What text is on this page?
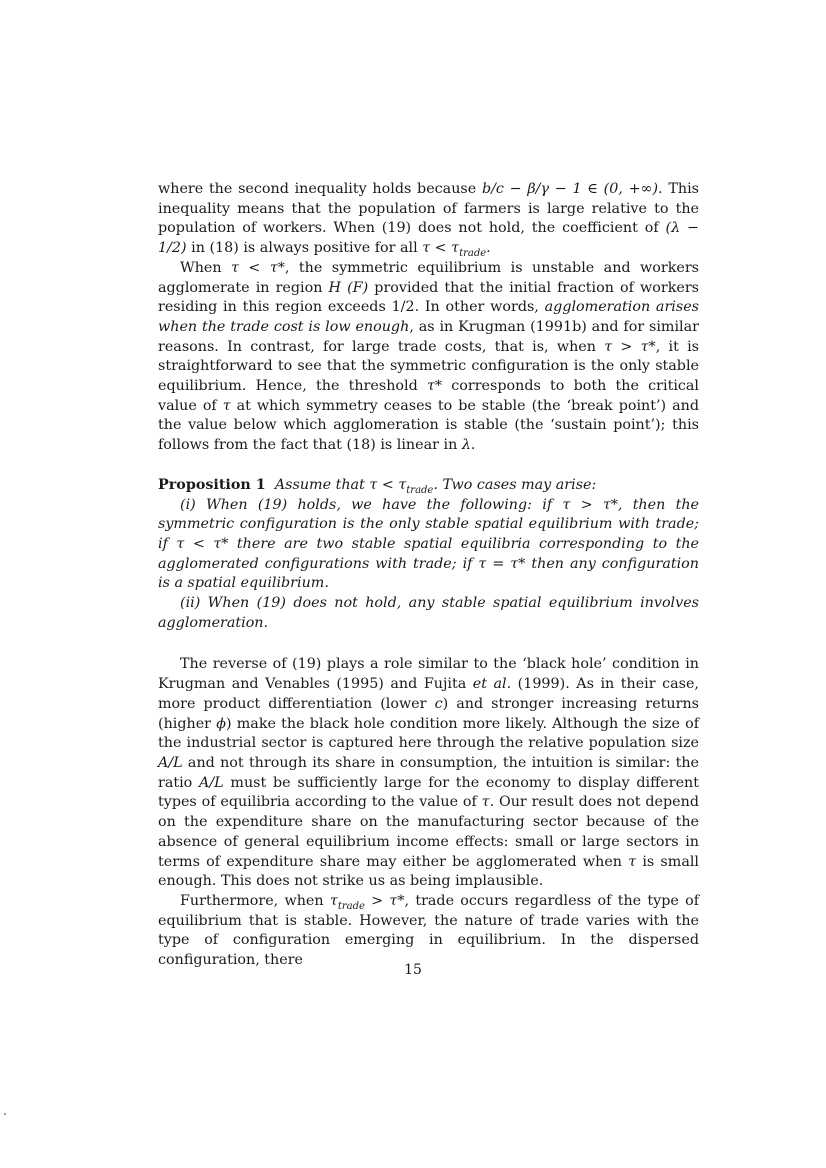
where the second inequality holds because b/c − β/γ − 1 ∈ (0, +∞). This inequality means that the population of farmers is large relative to the population of workers. When (19) does not hold, the coefficient of (λ − 1/2) in (18) is always positive for all $\tau < \tau_{trade}$.

When τ < τ*, the symmetric equilibrium is unstable and workers agglomerate in region H (F) provided that the initial fraction of workers residing in this region exceeds 1/2. In other words, agglomeration arises when the trade cost is low enough, as in Krugman (1991b) and for similar reasons. In contrast, for large trade costs, that is, when τ > τ*, it is straightforward to see that the symmetric configuration is the only stable equilibrium. Hence, the threshold τ* corresponds to both the critical value of τ at which symmetry ceases to be stable (the ‘break point’) and the value below which agglomeration is stable (the ‘sustain point’); this follows from the fact that (18) is linear in λ.

Proposition 1 Assume that $\tau < \tau_{trade}$. Two cases may arise:

(i) When (19) holds, we have the following: if τ > τ*, then the symmetric configuration is the only stable spatial equilibrium with trade; if τ < τ* there are two stable spatial equilibria corresponding to the agglomerated configurations with trade; if τ = τ* then any configuration is a spatial equilibrium.

(ii) When (19) does not hold, any stable spatial equilibrium involves agglomeration.

The reverse of (19) plays a role similar to the ‘black hole’ condition in Krugman and Venables (1995) and Fujita et al. (1999). As in their case, more product differentiation (lower c) and stronger increasing returns (higher ϕ) make the black hole condition more likely. Although the size of the industrial sector is captured here through the relative population size A/L and not through its share in consumption, the intuition is similar: the ratio A/L must be sufficiently large for the economy to display different types of equilibria according to the value of τ. Our result does not depend on the expenditure share on the manufacturing sector because of the absence of general equilibrium income effects: small or large sectors in terms of expenditure share may either be agglomerated when τ is small enough. This does not strike us as being implausible.

Furthermore, when $\tau_{trade} > \tau*$, trade occurs regardless of the type of equilibrium that is stable. However, the nature of trade varies with the type of configuration emerging in equilibrium. In the dispersed configuration, there

15
